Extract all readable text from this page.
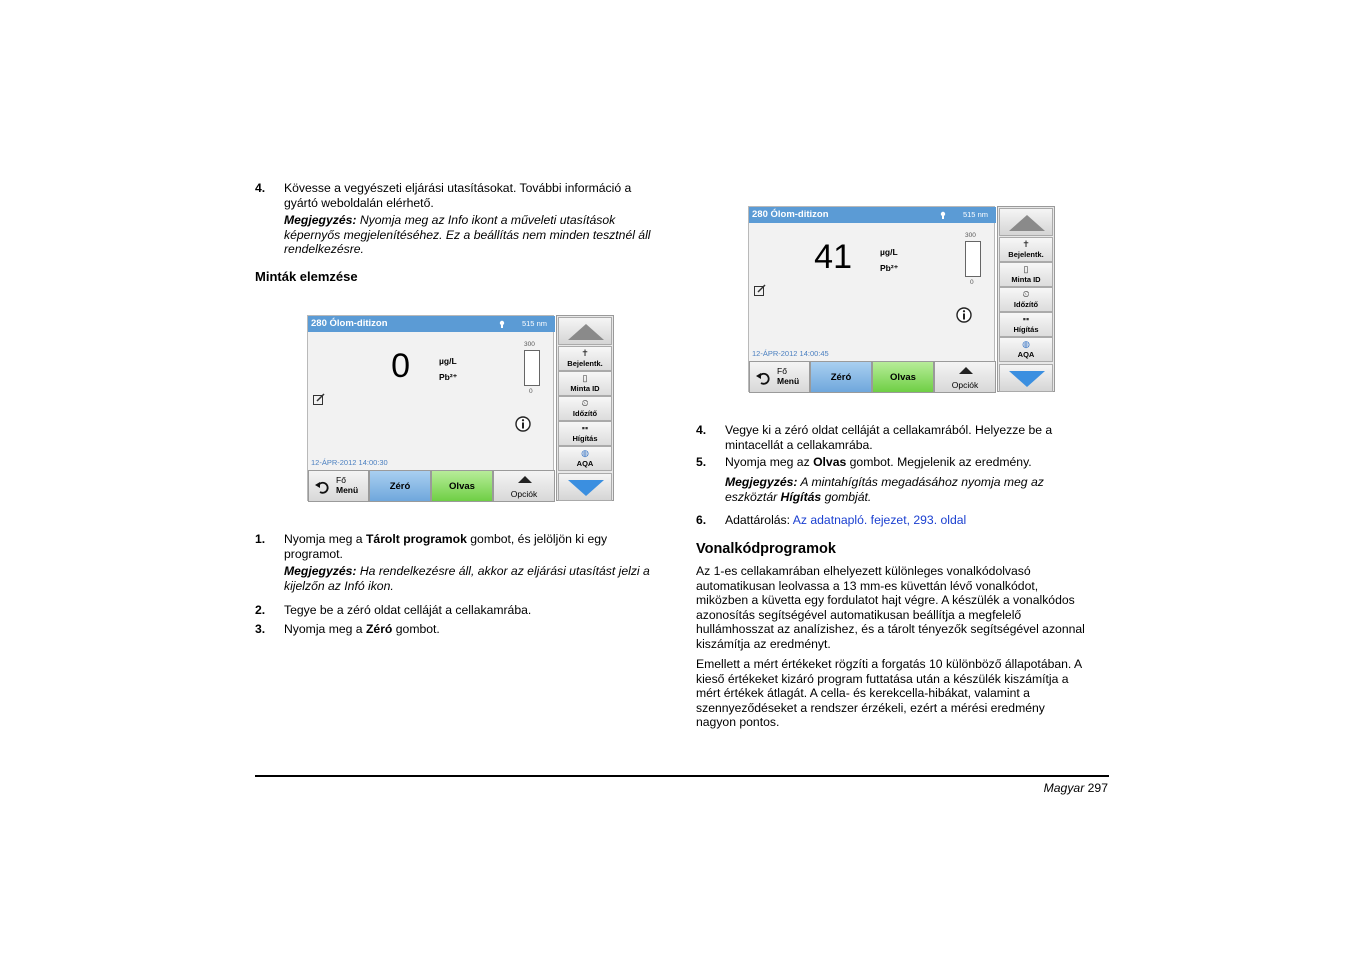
4. Kövesse a vegyészeti eljárási utasításokat. További információ a
gyártó weboldalán elérhető.
Megjegyzés: Nyomja meg az Info ikont a műveleti utasítások
képernyős megjelenítéséhez. Ez a beállítás nem minden tesztnél áll
rendelkezésre.
Minták elemzése
280 Ólom-ditizon	515 nm
0	µg/L
Pb²⁺
300
0
12-ÁPR-2012 14:00:30
Fő
Menü	Zéró	Olvas
Opciók
✝
Bejelentk.
▯
Minta ID
⏲
Időzítő
▪▪
Hígítás
◍
AQA
1. Nyomja meg a Tárolt programok gombot, és jelöljön ki egy
programot.
Megjegyzés: Ha rendelkezésre áll, akkor az eljárási utasítást jelzi a
kijelzőn az Infó ikon.
2. Tegye be a zéró oldat celláját a cellakamrába.
3. Nyomja meg a Zéró gombot.
280 Ólom-ditizon	515 nm
41	µg/L
Pb²⁺
300
0
12-ÁPR-2012 14:00:45
Fő
Menü	Zéró	Olvas
Opciók
✝
Bejelentk.
▯
Minta ID
⏲
Időzítő
▪▪
Hígítás
◍
AQA
4. Vegye ki a zéró oldat celláját a cellakamrából. Helyezze be a
mintacellát a cellakamrába.
5. Nyomja meg az Olvas gombot. Megjelenik az eredmény.
Megjegyzés: A mintahígítás megadásához nyomja meg az
eszköztár Hígítás gombját.
6. Adattárolás: Az adatnapló. fejezet, 293. oldal
Vonalkódprogramok
Az 1-es cellakamrában elhelyezett különleges vonalkódolvasó
automatikusan leolvassa a 13 mm-es küvettán lévő vonalkódot,
miközben a küvetta egy fordulatot hajt végre. A készülék a vonalkódos
azonosítás segítségével automatikusan beállítja a megfelelő
hullámhosszat az analízishez, és a tárolt tényezők segítségével azonnal
kiszámítja az eredményt.
Emellett a mért értékeket rögzíti a forgatás 10 különböző állapotában. A
kieső értékeket kizáró program futtatása után a készülék kiszámítja a
mért értékek átlagát. A cella- és kerekcella-hibákat, valamint a
szennyeződéseket a rendszer érzékeli, ezért a mérési eredmény
nagyon pontos.
Magyar 297
